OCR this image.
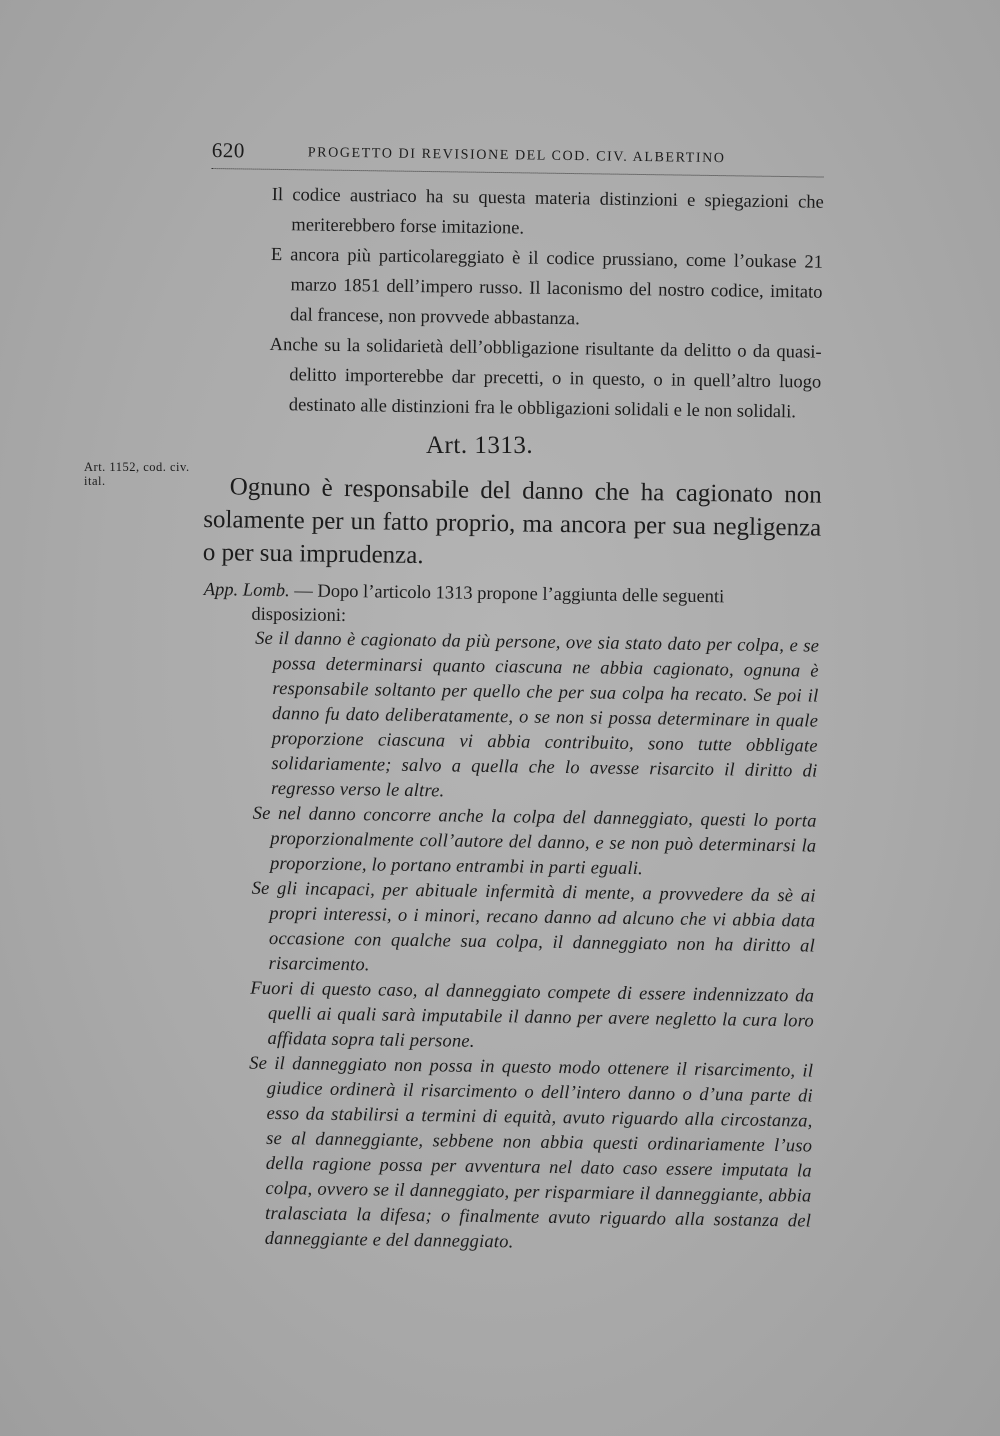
620	PROGETTO DI REVISIONE DEL COD. CIV. ALBERTINO

Il codice austriaco ha su questa materia distinzioni e spiegazioni che meriterebbero forse imitazione.

E ancora più particolareggiato è il codice prussiano, come l’oukase 21 marzo 1851 dell’impero russo. Il laconismo del nostro codice, imitato dal francese, non provvede abbastanza.

Anche su la solidarietà dell’obbligazione risultante da delitto o da quasi-delitto importerebbe dar precetti, o in questo, o in quell’altro luogo destinato alle distinzioni fra le obbligazioni solidali e le non solidali.

Art. 1152, cod. civ. ital.
Art. 1313.

Ognuno è responsabile del danno che ha cagionato non solamente per un fatto proprio, ma ancora per sua negligenza o per sua imprudenza.

App. Lomb. — Dopo l’articolo 1313 propone l’aggiunta delle seguenti disposizioni:

Se il danno è cagionato da più persone, ove sia stato dato per colpa, e se possa determinarsi quanto ciascuna ne abbia cagionato, ognuna è responsabile soltanto per quello che per sua colpa ha recato. Se poi il danno fu dato deliberatamente, o se non si possa determinare in quale proporzione ciascuna vi abbia contribuito, sono tutte obbligate solidariamente; salvo a quella che lo avesse risarcito il diritto di regresso verso le altre.

Se nel danno concorre anche la colpa del danneggiato, questi lo porta proporzionalmente coll’autore del danno, e se non può determinarsi la proporzione, lo portano entrambi in parti eguali.

Se gli incapaci, per abituale infermità di mente, a provvedere da sè ai propri interessi, o i minori, recano danno ad alcuno che vi abbia data occasione con qualche sua colpa, il danneggiato non ha diritto al risarcimento.

Fuori di questo caso, al danneggiato compete di essere indennizzato da quelli ai quali sarà imputabile il danno per avere negletto la cura loro affidata sopra tali persone.

Se il danneggiato non possa in questo modo ottenere il risarcimento, il giudice ordinerà il risarcimento o dell’intero danno o d’una parte di esso da stabilirsi a termini di equità, avuto riguardo alla circostanza, se al danneggiante, sebbene non abbia questi ordinariamente l’uso della ragione possa per avventura nel dato caso essere imputata la colpa, ovvero se il danneggiato, per risparmiare il danneggiante, abbia tralasciata la difesa; o finalmente avuto riguardo alla sostanza del danneggiante e del danneggiato.
